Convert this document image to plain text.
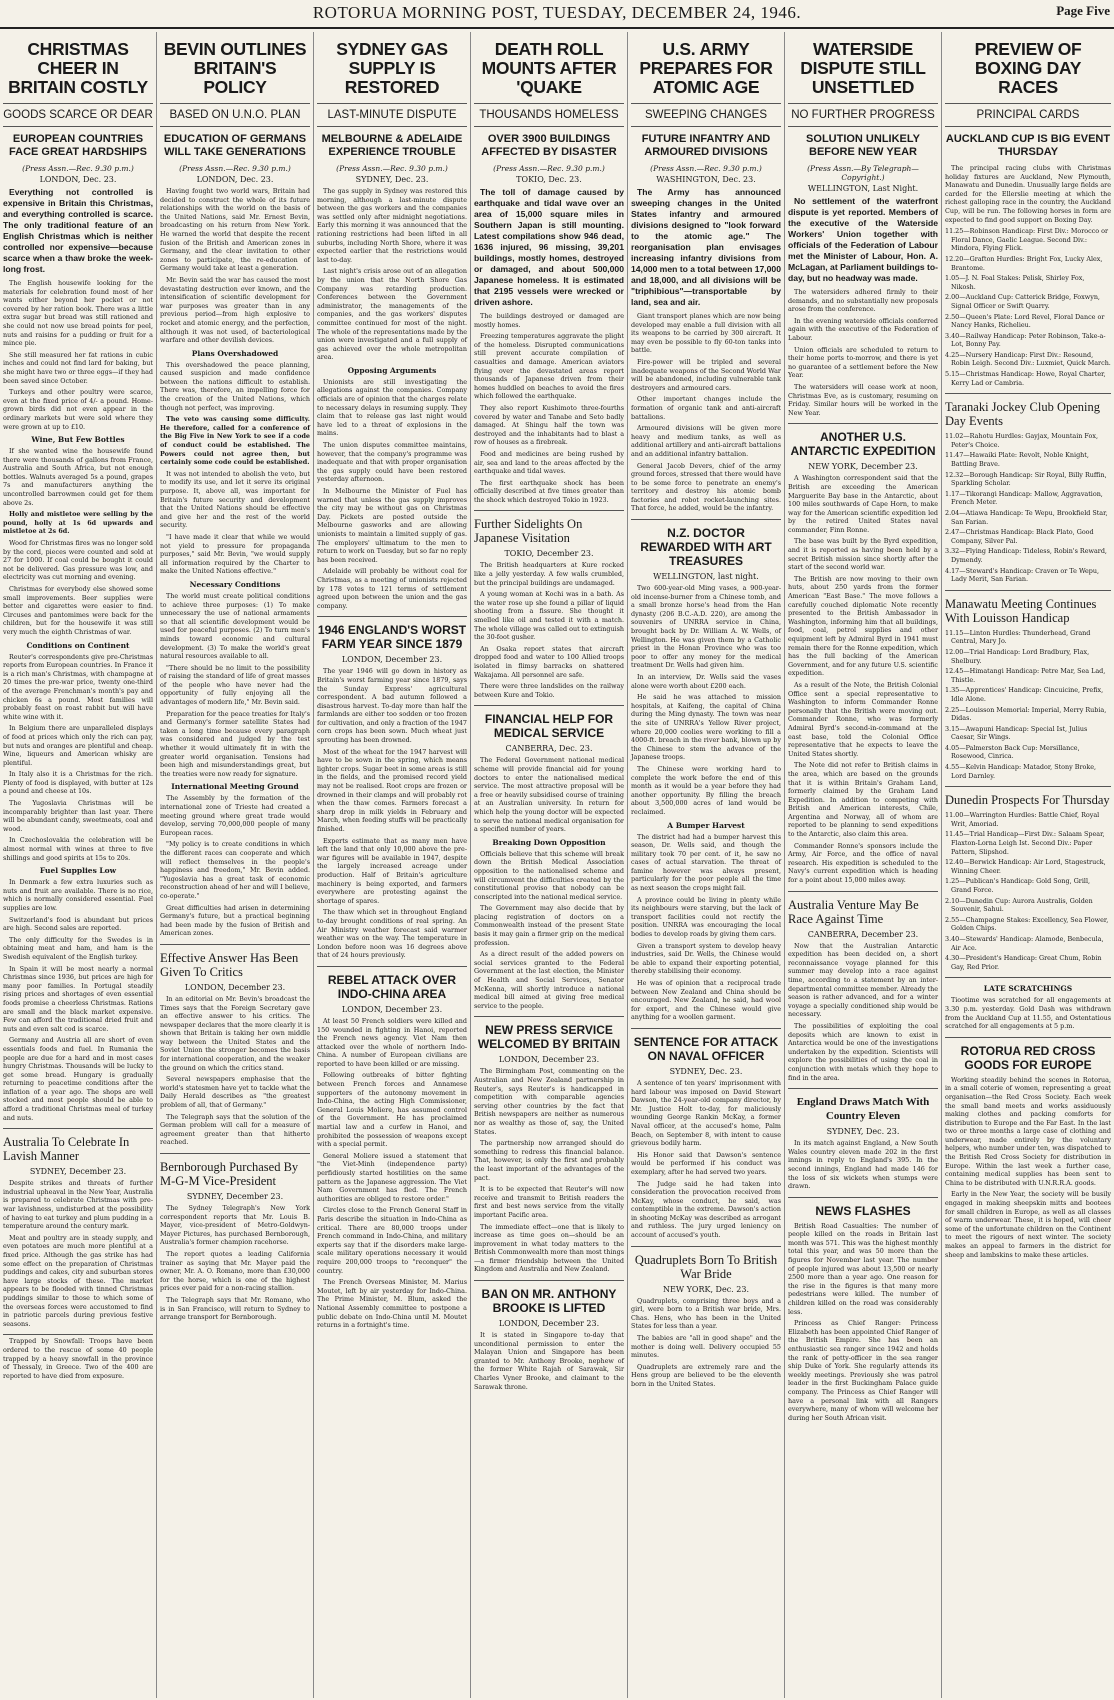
ROTORUA MORNING POST, TUESDAY, DECEMBER 24, 1946.	Page Five
CHRISTMAS CHEER IN BRITAIN COSTLY
GOODS SCARCE OR DEAR
EUROPEAN COUNTRIES FACE GREAT HARDSHIPS
(Press Assn.—Rec. 9.30 p.m.)
LONDON, Dec. 23.

Everything not controlled is expensive in Britain this Christmas, and everything controlled is scarce. The only traditional feature of an English Christmas which is neither controlled nor expensive—because scarce when a thaw broke the week-long frost.

The English housewife looking for the materials for celebration found most of her wants either beyond her pocket or not covered by her ration book. There was a little extra sugar but bread was still rationed and she could not now use bread points for peel, nuts and raisins for a pudding or fruit for a mince pie.

She still measured her fat rations in cubic inches and could not find lard for baking, but she might have two or three eggs—if they had been saved since October.

Turkeys and other poultry were scarce, even at the fixed price of 4/- a pound. Home-grown birds did not even appear in the ordinary markets but were sold where they were grown at up to £10.

Wine, But Few Bottles

If she wanted wine the housewife found there were thousands of gallons from France, Australia and South Africa, but not enough bottles. Walnuts averaged 5s a pound, grapes 7s and manufacturers anything the uncontrolled barrowmen could get for them above 2s.

Holly and mistletoe were selling by the pound, holly at 1s 6d upwards and mistletoe at 2s 6d.

Wood for Christmas fires was no longer sold by the cord, pieces were counted and sold at 27 for 1000. If coal could be bought it could not be delivered. Gas pressure was low, and electricity was cut morning and evening.

Christmas for everybody else showed some small improvements. Beer supplies were better and cigarettes were easier to find. Circuses and pantomimes were back for the children, but for the housewife it was still very much the eighth Christmas of war.

Conditions on Continent

Reuter's correspondents give pre-Christmas reports from European countries. In France it is a rich man's Christmas, with champagne at 20 times the pre-war price, twenty one-third of the average Frenchman's month's pay and chicken 6s a pound. Most families will probably feast on roast rabbit but will have white wine with it.

In Belgium there are unparalleled displays of food at prices which only the rich can pay, but nuts and oranges are plentiful and cheap. Wine, liqueurs and American whisky are plentiful.

In Italy also it is a Christmas for the rich. Plenty of food is displayed, with butter at 12s a pound and cheese at 10s.

The Yugoslavia Christmas will be incomparably brighter than last year. There will be abundant candy, sweetmeats, coal and wood.

In Czechoslovakia the celebration will be almost normal with wines at three to five shillings and good spirits at 15s to 20s.

Fuel Supplies Low

In Denmark a few extra luxuries such as nuts and fruit are available. There is no rice, which is normally considered essential. Fuel supplies are low.

Switzerland's food is abundant but prices are high. Second sales are reported.

The only difficulty for the Swedes is in obtaining meat and ham, and ham is the Swedish equivalent of the English turkey.

In Spain it will be most nearly a normal Christmas since 1936, but prices are high for many poor families. In Portugal steadily rising prices and shortages of even essential foods promise a cheerless Christmas. Rations are small and the black market expensive. Few can afford the traditional dried fruit and nuts and even salt cod is scarce.

Germany and Austria all are short of even essentials foods and fuel. In Rumania the people are due for a hard and in most cases hungry Christmas. Thousands will be lucky to get some bread. Hungary is gradually returning to peacetime conditions after the inflation of a year ago. The shops are well stocked and most people should be able to afford a traditional Christmas meal of turkey and nuts.

Australia To Celebrate In Lavish Manner
SYDNEY, December 23.

Despite strikes and threats of further industrial upheaval in the New Year, Australia is prepared to celebrate Christmas with pre-war lavishness, undisturbed at the possibility of having to eat turkey and plum pudding in a temperature around the century mark.

Meat and poultry are in steady supply, and even potatoes are much more plentiful at a fixed price. Although the gas strike has had some effect on the preparation of Christmas puddings and cakes, city and suburban stores have large stocks of these. The market appears to be flooded with tinned Christmas puddings similar to those to which some of the overseas forces were accustomed to find in patriotic parcels during previous festive seasons.

Trapped by Snowfall: Troops have been ordered to the rescue of some 40 people trapped by a heavy snowfall in the province of Thessaly, in Greece. Two of the 400 are reported to have died from exposure.

BEVIN OUTLINES BRITAIN'S POLICY
BASED ON U.N.O. PLAN
EDUCATION OF GERMANS WILL TAKE GENERATIONS
(Press Assn.—Rec. 9.30 p.m.)
LONDON, Dec. 23.

Having fought two world wars, Britain had decided to construct the whole of its future relationships with the world on the basis of the United Nations, said Mr. Ernest Bevin, broadcasting on his return from New York. He warned the world that despite the recent fusion of the British and American zones in Germany, and the clear invitation to other zones to participate, the re-education of Germany would take at least a generation.

Mr. Bevin said the war has caused the most devastating destruction ever known, and the intensification of scientific development for war purposes was greater than in any previous period—from high explosive to rocket and atomic energy, and the perfection, although it was not used, of bacteriological warfare and other devilish devices.

Plans Overshadowed

This overshadowed the peace planning, caused suspicion and made confidence between the nations difficult to establish. There was, therefore, an impelling force for the creation of the United Nations, which though not perfect, was improving.

The veto was causing some difficulty. He therefore, called for a conference of the Big Five in New York to see if a code of conduct could be established. The Powers could not agree then, but certainly some code could be established.

It was not intended to abolish the veto, but to modify its use, and let it serve its original purpose. It, above all, was important for Britain's future security and development that the United Nations should be effective and give her and the rest of the world security.

"I have made it clear that while we would not yield to pressure for propaganda purposes," said Mr. Bevin, "we would supply all information required by the Charter to make the United Nations effective."

Necessary Conditions

The world must create political conditions to achieve three purposes: (1) To make unnecessary the use of national armaments so that all scientific development would be used for peaceful purposes. (2) To turn men's minds toward economic and cultural development. (3) To make the world's great natural resources available to all.

"There should be no limit to the possibility of raising the standard of life of great masses of the people who have never had the opportunity of fully enjoying all the advantages of modern life," Mr. Bevin said.

Preparation for the peace treaties for Italy's and Germany's former satellite States had taken a long time because every paragraph was considered and judged by the test whether it would ultimately fit in with the greater world organisation. Tensions had been high and misunderstandings great, but the treaties were now ready for signature.

International Meeting Ground

The Assembly by the formation of the international zone of Trieste had created a meeting ground where great trade would develop, serving 70,000,000 people of many European races.

"My policy is to create conditions in which the different races can cooperate and which will reflect themselves in the people's happiness and freedom," Mr. Bevin added. "Yugoslavia has a great task of economic reconstruction ahead of her and will I believe, co-operate."

Great difficulties had arisen in determining Germany's future, but a practical beginning had been made by the fusion of British and American zones.

Effective Answer Has Been Given To Critics
LONDON, December 23.

In an editorial on Mr. Bevin's broadcast the Times says that the Foreign Secretary gave an effective answer to his critics. The newspaper declares that the more clearly it is shown that Britain is taking her own middle way between the United States and the Soviet Union the stronger becomes the basis for international cooperation, and the weaker the ground on which the critics stand.

Several newspapers emphasise that the world's statesmen have yet to tackle what the Daily Herald describes as "the greatest problem of all, that of Germany."

The Telegraph says that the solution of the German problem will call for a measure of agreement greater than that hitherto reached.

Bernborough Purchased By M-G-M Vice-President
SYDNEY, December 23.

The Sydney Telegraph's New York correspondent reports that Mr. Louis B. Mayer, vice-president of Metro-Goldwyn-Mayer Pictures, has purchased Bernborough, Australia's former champion racehorse.

The report quotes a leading California trainer as saying that Mr. Mayer paid the owner, Mr. A. O. Romano, more than £30,000 for the horse, which is one of the highest prices ever paid for a non-racing stallion.

The Telegraph says that Mr. Romano, who is in San Francisco, will return to Sydney to arrange transport for Bernborough.

SYDNEY GAS SUPPLY IS RESTORED
LAST-MINUTE DISPUTE
MELBOURNE & ADELAIDE EXPERIENCE TROUBLE
(Press Assn.—Rec. 9.30 p.m.)
SYDNEY, Dec. 23.

The gas supply in Sydney was restored this morning, although a last-minute dispute between the gas workers and the companies was settled only after midnight negotiations. Early this morning it was announced that the rationing restrictions had been lifted in all suburbs, including North Shore, where it was expected earlier that the restrictions would last to-day.

Last night's crisis arose out of an allegation by the union that the North Shore Gas Company was retarding production. Conferences between the Government administrator, the managements of the companies, and the gas workers' disputes committee continued for most of the night. The whole of the representations made by the union were investigated and a full supply of gas achieved over the whole metropolitan area.

Opposing Arguments

Unionists are still investigating the allegations against the companies. Company officials are of opinion that the charges relate to necessary delays in resuming supply. They claim that to release gas last night would have led to a threat of explosions in the mains.

The union disputes committee maintains, however, that the company's programme was inadequate and that with proper organisation the gas supply could have been restored yesterday afternoon.

In Melbourne the Minister of Fuel has warned that unless the gas supply improves the city may be without gas on Christmas Day. Pickets are posted outside the Melbourne gasworks and are allowing unionists to maintain a limited supply of gas. The employers' ultimatum to the men to return to work on Tuesday, but so far no reply has been received.

Adelaide will probably be without coal for Christmas, as a meeting of unionists rejected by 178 votes to 121 terms of settlement agreed upon between the union and the gas company.

1946 ENGLAND'S WORST FARM YEAR SINCE 1879
LONDON, December 23.

The year 1946 will go down in history as Britain's worst farming year since 1879, says the Sunday Express' agricultural correspondent. A bad autumn followed a disastrous harvest. To-day more than half the farmlands are either too sodden or too frozen for cultivation, and only a fraction of the 1947 corn crops has been sown. Much wheat just sprouting has been drowned.

Most of the wheat for the 1947 harvest will have to be sown in the spring, which means lighter crops. Sugar beet in some areas is still in the fields, and the promised record yield may not be realised. Root crops are frozen or drowned in their clamps and will probably rot when the thaw comes. Farmers forecast a sharp drop in milk yields in February and March, when feeding stuffs will be practically finished.

Experts estimate that as many men have left the land that only 10,000 above the pre-war figures will be available in 1947, despite the largely increased acreage under production. Half of Britain's agriculture machinery is being exported, and farmers everywhere are protesting against the shortage of spares.

The thaw which set in throughout England to-day brought conditions of real spring. An Air Ministry weather forecast said warmer weather was on the way. The temperature in London before noon was 16 degrees above that of 24 hours previously.

REBEL ATTACK OVER INDO-CHINA AREA
LONDON, December 23.

At least 50 French soldiers were killed and 150 wounded in fighting in Hanoi, reported the French news agency. Viet Nam then attacked over the whole of northern Indo-China. A number of European civilians are reported to have been killed or are missing.

Following outbreaks of bitter fighting between French forces and Annamese supporters of the autonomy movement in Indo-China, the acting High Commissioner, General Louis Moliere, has assumed control of the Government. He has proclaimed martial law and a curfew in Hanoi, and prohibited the possession of weapons except with a special permit.

General Moliere issued a statement that "the Viet-Minh (independence party) perfidiously started hostilities on the same pattern as the Japanese aggression. The Viet Nam Government has fled. The French authorities are obliged to restore order."

Circles close to the French General Staff in Paris describe the situation in Indo-China as critical. There are 80,000 troops under French command in Indo-China, and military experts say that if the disorders make large-scale military operations necessary it would require 200,000 troops to "reconquer" the country.

The French Overseas Minister, M. Marius Moutet, left by air yesterday for Indo-China. The Prime Minister, M. Blum, asked the National Assembly committee to postpone a public debate on Indo-China until M. Moutet returns in a fortnight's time.

DEATH ROLL MOUNTS AFTER 'QUAKE
THOUSANDS HOMELESS
OVER 3900 BUILDINGS AFFECTED BY DISASTER
(Press Assn.—Rec. 9.30 p.m.)
TOKIO, Dec. 23.

The toll of damage caused by earthquake and tidal wave over an area of 15,000 square miles in Southern Japan is still mounting. Latest compilations show 946 dead, 1636 injured, 96 missing, 39,201 buildings, mostly homes, destroyed or damaged, and about 500,000 Japanese homeless. It is estimated that 2195 vessels were wrecked or driven ashore.

The buildings destroyed or damaged are mostly homes.

Freezing temperatures aggravate the plight of the homeless. Disrupted communications still prevent accurate compilation of casualties and damage. American aviators flying over the devastated areas report thousands of Japanese driven from their homes huddled on beaches to avoid the fires which followed the earthquake.

They also report Kushimoto three-fourths covered by water and Tanabe and Seto badly damaged. At Shingu half the town was destroyed and the inhabitants had to blast a row of houses as a firebreak.

Food and medicines are being rushed by air, sea and land to the areas affected by the earthquake and tidal waves.

The first earthquake shock has been officially described at five times greater than the shock which destroyed Tokio in 1923.

Further Sidelights On Japanese Visitation
TOKIO, December 23.

The British headquarters at Kure rocked like a jelly yesterday. A few walls crumbled, but the principal buildings are undamaged.

A young woman at Kochi was in a bath. As the water rose up she found a pillar of liquid shooting from a fissure. She thought it smelled like oil and tested it with a match. The whole village was called out to extinguish the 30-foot gusher.

An Osaka report states that aircraft dropped food and water to 100 Allied troops isolated in flimsy barracks on shattered Wakajama. All personnel are safe.

There were three landslides on the railway between Kure and Tokio.

FINANCIAL HELP FOR MEDICAL SERVICE
CANBERRA, Dec. 23.

The Federal Government national medical scheme will provide financial aid for young doctors to enter the nationalised medical service. The most attractive proposal will be a free or heavily subsidised course of training at an Australian university. In return for which help the young doctor will be expected to serve the national medical organisation for a specified number of years.

Breaking Down Opposition

Officials believe that this scheme will break down the British Medical Association opposition to the nationalised scheme and will circumvent the difficulties created by the constitutional proviso that nobody can be conscripted into the national medical service.

The Government may also decide that by placing registration of doctors on a Commonwealth instead of the present State basis it may gain a firmer grip on the medical profession.

As a direct result of the added powers on social services granted to the Federal Government at the last election, the Minister of Health and Social Services, Senator McKenna, will shortly introduce a national medical bill aimed at giving free medical service to the people.

NEW PRESS SERVICE WELCOMED BY BRITAIN
LONDON, December 23.

The Birmingham Post, commenting on the Australian and New Zealand partnership in Reuter's, says Reuter's is handicapped in competition with comparable agencies serving other countries by the fact that British newspapers are neither as numerous nor as wealthy as those of, say, the United States.

The partnership now arranged should do something to redress this financial balance. That, however, is only the first and probably the least important of the advantages of the pact.

It is to be expected that Reuter's will now receive and transmit to British readers the first and best news service from the vitally important Pacific area.

The immediate effect—one that is likely to increase as time goes on—should be an improvement in what today matters to the British Commonwealth more than most things—a firmer friendship between the United Kingdom and Australia and New Zealand.

BAN ON MR. ANTHONY BROOKE IS LIFTED
LONDON, December 23.

It is stated in Singapore to-day that unconditional permission to enter the Malayan Union and Singapore has been granted to Mr. Anthony Brooke, nephew of the former White Rajah of Sarawak, Sir Charles Vyner Brooke, and claimant to the Sarawak throne.

U.S. ARMY PREPARES FOR ATOMIC AGE
SWEEPING CHANGES
FUTURE INFANTRY AND ARMOURED DIVISIONS
(Press Assn.—Rec. 9.30 p.m.)
WASHINGTON, Dec. 23.

The Army has announced sweeping changes in the United States infantry and armoured divisions designed to "look forward to the atomic age." The reorganisation plan envisages increasing infantry divisions from 14,000 men to a total between 17,000 and 18,000, and all divisions will be "triphibious"—transportable by land, sea and air.

Giant transport planes which are now being developed may enable a full division with all its weapons to be carried by 300 aircraft. It may even be possible to fly 60-ton tanks into battle.

Fire-power will be tripled and several inadequate weapons of the Second World War will be abandoned, including vulnerable tank destroyers and armoured cars.

Other important changes include the formation of organic tank and anti-aircraft battalions.

Armoured divisions will be given more heavy and medium tanks, as well as additional artillery and anti-aircraft battalions and an additional infantry battalion.

General Jacob Devers, chief of the army ground forces, stressed that there would have to be some force to penetrate an enemy's territory and destroy his atomic bomb factories and robot rocket-launching sites. That force, he added, would be the infantry.

N.Z. DOCTOR REWARDED WITH ART TREASURES
WELLINGTON, last night.

Two 600-year-old Ming vases, a 900-year-old incense-burner from a Chinese tomb, and a small bronze horse's head from the Han dynasty (206 B.C.-A.D. 220), are among the souvenirs of UNRRA service in China, brought back by Dr. William A. W. Wells, of Wellington. He was given them by a Catholic priest in the Honan Province who was too poor to offer any money for the medical treatment Dr. Wells had given him.

In an interview, Dr. Wells said the vases alone were worth about £200 each.

He said he was attached to mission hospitals, at Kaifeng, the capital of China during the Ming dynasty. The town was near the site of UNRRA's Yellow River project, where 20,000 coolies were working to fill a 4000-ft. breach in the river bank, blown up by the Chinese to stem the advance of the Japanese troops.

The Chinese were working hard to complete the work before the end of this month as it would be a year before they had another opportunity. By filling the breach about 3,500,000 acres of land would be reclaimed.

A Bumper Harvest

The district had had a bumper harvest this season, Dr. Wells said, and though the military took 70 per cent. of it, he saw no cases of actual starvation. The threat of famine however was always present, particularly for the poor people all the time as next season the crops might fail.

A province could be living in plenty while its neighbours were starving, but the lack of transport facilities could not rectify the position. UNRRA was encouraging the local bodies to develop roads by giving them cars.

Given a transport system to develop heavy industries, said Dr. Wells, the Chinese would be able to expand their exporting potential, thereby stabilising their economy.

He was of opinion that a reciprocal trade between New Zealand and China should be encouraged. New Zealand, he said, had wool for export, and the Chinese would give anything for a woollen garment.

SENTENCE FOR ATTACK ON NAVAL OFFICER
SYDNEY, Dec. 23.

A sentence of ten years' imprisonment with hard labour was imposed on David Stewart Dawson, the 24-year-old company director, by Mr. Justice Holt to-day, for maliciously wounding George Rankin McKay, a former Naval officer, at the accused's home, Palm Beach, on September 8, with intent to cause grievous bodily harm.

His Honor said that Dawson's sentence would be performed if his conduct was exemplary, after he had served two years.

The Judge said he had taken into consideration the provocation received from McKay, whose conduct, he said, was contemptible in the extreme. Dawson's action in shooting McKay was described as arrogant and ruthless. The jury urged leniency on account of accused's youth.

Quadruplets Born To British War Bride
NEW YORK, Dec. 23.

Quadruplets, comprising three boys and a girl, were born to a British war bride, Mrs. Chas. Hens, who has been in the United States for less than a year.

The babies are "all in good shape" and the mother is doing well. Delivery occupied 55 minutes.

Quadruplets are extremely rare and the Hens group are believed to be the eleventh born in the United States.

WATERSIDE DISPUTE STILL UNSETTLED
NO FURTHER PROGRESS
SOLUTION UNLIKELY BEFORE NEW YEAR
(Press Assn.—By Telegraph—Copyright.)
WELLINGTON, Last Night.

No settlement of the waterfront dispute is yet reported. Members of the executive of the Waterside Workers' Union together with officials of the Federation of Labour met the Minister of Labour, Hon. A. McLagan, at Parliament buildings to-day, but no headway was made.

The watersiders adhered firmly to their demands, and no substantially new proposals arose from the conference.

In the evening waterside officials conferred again with the executive of the Federation of Labour.

Union officials are scheduled to return to their home ports to-morrow, and there is yet no guarantee of a settlement before the New Year.

The watersiders will cease work at noon, Christmas Eve, as is customary, resuming on Friday. Similar hours will be worked in the New Year.

ANOTHER U.S. ANTARCTIC EXPEDITION
NEW YORK, December 23.

A Washington correspondent said that the British are exceeding the American Marguerite Bay base in the Antarctic, about 100 miles southwards of Cape Horn, to make way for the American scientific expedition led by the retired United States naval commander, Finn Ronne.

The base was built by the Byrd expedition, and it is reported as having been held by a secret British mission since shortly after the start of the second world war.

The British are now moving to their own huts, about 250 yards from the former American "East Base." The move follows a carefully couched diplomatic Note recently presented to the British Ambassador in Washington, informing him that all buildings, food, coal, petrol supplies and other equipment left by Admiral Byrd in 1941 must remain there for the Ronne expedition, which has the full backing of the American Government, and for any future U.S. scientific expedition.

As a result of the Note, the British Colonial Office sent a special representative to Washington to inform Commander Ronne personally that the British were moving out. Commander Ronne, who was formerly Admiral Byrd's second-in-command at the east base, told the Colonial Office representative that he expects to leave the United States shortly.

The Note did not refer to British claims in the area, which are based on the grounds that it is within Britain's Graham Land, formerly claimed by the Graham Land Expedition. In addition to competing with British and American interests, Chile, Argentina and Norway, all of whom are reported to be planning to send expeditions to the Antarctic, also claim this area.

Commander Ronne's sponsors include the Army, Air Force, and the office of naval research. His expedition is scheduled to the Navy's current expedition which is heading for a point about 15,000 miles away.

Australia Venture May Be Race Against Time
CANBERRA, December 23.

Now that the Australian Antarctic expedition has been decided on, a short reconnaissance voyage planned for this summer may develop into a race against time, according to a statement by an inter-departmental committee member. Already the season is rather advanced, and for a winter voyage a specially conditioned ship would be necessary.

The possibilities of exploiting the coal deposits which are known to exist in Antarctica would be one of the investigations undertaken by the expedition. Scientists will explore the possibilities of using the coal in conjunction with metals which they hope to find in the area.

England Draws Match With Country Eleven
SYDNEY, Dec. 23.

In its match against England, a New South Wales country eleven made 202 in the first innings in reply to England's 395. In the second innings, England had made 146 for the loss of six wickets when stumps were drawn.

NEWS FLASHES

British Road Casualties: The number of people killed on the roads in Britain last month was 571. This was the highest monthly total this year, and was 50 more than the figures for November last year. The number of people injured was about 13,500 or nearly 2500 more than a year ago. One reason for the rise in the figures is that many more pedestrians were killed. The number of children killed on the road was considerably less.

Princess as Chief Ranger: Princess Elizabeth has been appointed Chief Ranger of the British Empire. She has been an enthusiastic sea ranger since 1942 and holds the rank of petty-officer in the sea ranger ship Duke of York. She regularly attends its weekly meetings. Previously she was patrol leader in the first Buckingham Palace guide company. The Princess as Chief Ranger will have a personal link with all Rangers everywhere, many of whom will welcome her during her South African visit.

PREVIEW OF BOXING DAY RACES
PRINCIPAL CARDS
AUCKLAND CUP IS BIG EVENT THURSDAY

The principal racing clubs with Christmas holiday fixtures are Auckland, New Plymouth, Manawatu and Dunedin. Unusually large fields are carded for the Ellerslie meeting at which the richest galloping race in the country, the Auckland Cup, will be run. The following horses in form are expected to find good support on Boxing Day.

11.25—Robinson Handicap: First Div.: Morocco or Floral Dance, Gaelic League. Second Div.: Mindora, Flying Flick.

12.20—Grafton Hurdles: Bright Fox, Lucky Alex, Brantome.

1.05—J. N. Foal Stakes: Pelisk, Shirley Fox, Nikosh.

2.00—Auckland Cup: Catterick Bridge, Foxwyn, Signal Officer or Swift Quarry.

2.50—Queen's Plate: Lord Revel, Floral Dance or Nancy Hanks, Richelieu.

3.40—Railway Handicap: Peter Robinson, Take-a-Lot, Bonny Pay.

4.25—Nursery Handicap: First Div.: Resound, Robin Leigh. Second Div.: Luxmiet, Quick March.

5.15—Christmas Handicap: Howe, Royal Charter, Kerry Lad or Cambria.

Taranaki Jockey Club Opening Day Events

11.02—Rahotu Hurdles: Gayjax, Mountain Fox, Peter's Choice.

11.47—Hawaiki Plate: Revolt, Noble Knight, Battling Brave.

12.32—Borough Handicap: Sir Royal, Billy Ruffin, Sparkling Scholar.

1.17—Tikorangi Handicap: Mallow, Aggravation, French Meter.

2.04—Atiawa Handicap: Te Wepu, Brookfield Star, San Farian.

2.47—Christmas Handicap: Black Plato, Good Company, Silver Pal.

3.32—Flying Handicap: Tideless, Robin's Reward, Dymendy.

4.17—Steward's Handicap: Craven or Te Wepu, Lady Merit, San Farian.

Manawatu Meeting Continues With Louisson Handicap

11.15—Linton Hurdles: Thunderhead, Grand Central, Mary Jo.

12.00—Trial Handicap: Lord Bradbury, Flax, Shelbury.

12.45—Himatangi Handicap: Petre Mar, Sea Lad, Thistle.

1.35—Apprentices' Handicap: Cincuicine, Prefix, Idle Alone.

2.25—Louisson Memorial: Imperial, Merry Rubia, Didas.

3.15—Awapuni Handicap: Special Ist, Julius Caesar, Sir Wings.

4.05—Palmerston Back Cup: Mersillance, Rosewood, Cinrica.

4.55—Kelvin Handicap: Matador, Stony Broke, Lord Darnley.

Dunedin Prospects For Thursday

11.00—Warrington Hurdles: Battle Chief, Royal Writ, Amoriad.

11.45—Trial Handicap—First Div.: Salaam Spear, Flaxton-Lorna Leigh Ist. Second Div.: Paper Pattern, Slipshod.

12.40—Berwick Handicap: Air Lord, Stagestruck, Winning Cheer.

1.25—Publican's Handicap: Gold Song, Grill, Grand Force.

2.10—Dunedin Cup: Aurora Australis, Golden Souvenir, Sahui.

2.55—Champagne Stakes: Excellency, Sea Flower, Golden Chips.

3.40—Stewards' Handicap: Alamode, Benbecula, Air Ace.

4.30—President's Handicap: Great Chum, Robin Gay, Red Prior.

LATE SCRATCHINGS

Tiootime was scratched for all engagements at 3.30 p.m. yesterday. Gold Dash was withdrawn from the Auckland Cup at 11.55, and Ostentatious scratched for all engagements at 5 p.m.

ROTORUA RED CROSS GOODS FOR EUROPE

Working steadily behind the scenes in Rotorua, in a small coterie of women, representing a great organisation—the Red Cross Society. Each week the small band meets and works assiduously making clothes and packing comforts for distribution to Europe and the Far East. In the last two or three months a large case of clothing and underwear, made entirely by the voluntary helpers, who number under ten, was dispatched to the British Red Cross Society for distribution in Europe. Within the last week a further case, containing medical supplies has been sent to China to be distributed with U.N.R.R.A. goods.

Early in the New Year, the society will be busily engaged in making sheepskin mitts and bootees for small children in Europe, as well as all classes of warm underwear. These, it is hoped, will cheer some of the unfortunate children on the Continent to meet the rigours of next winter. The society makes an appeal to farmers in the district for sheep and lambskins to make these articles.
